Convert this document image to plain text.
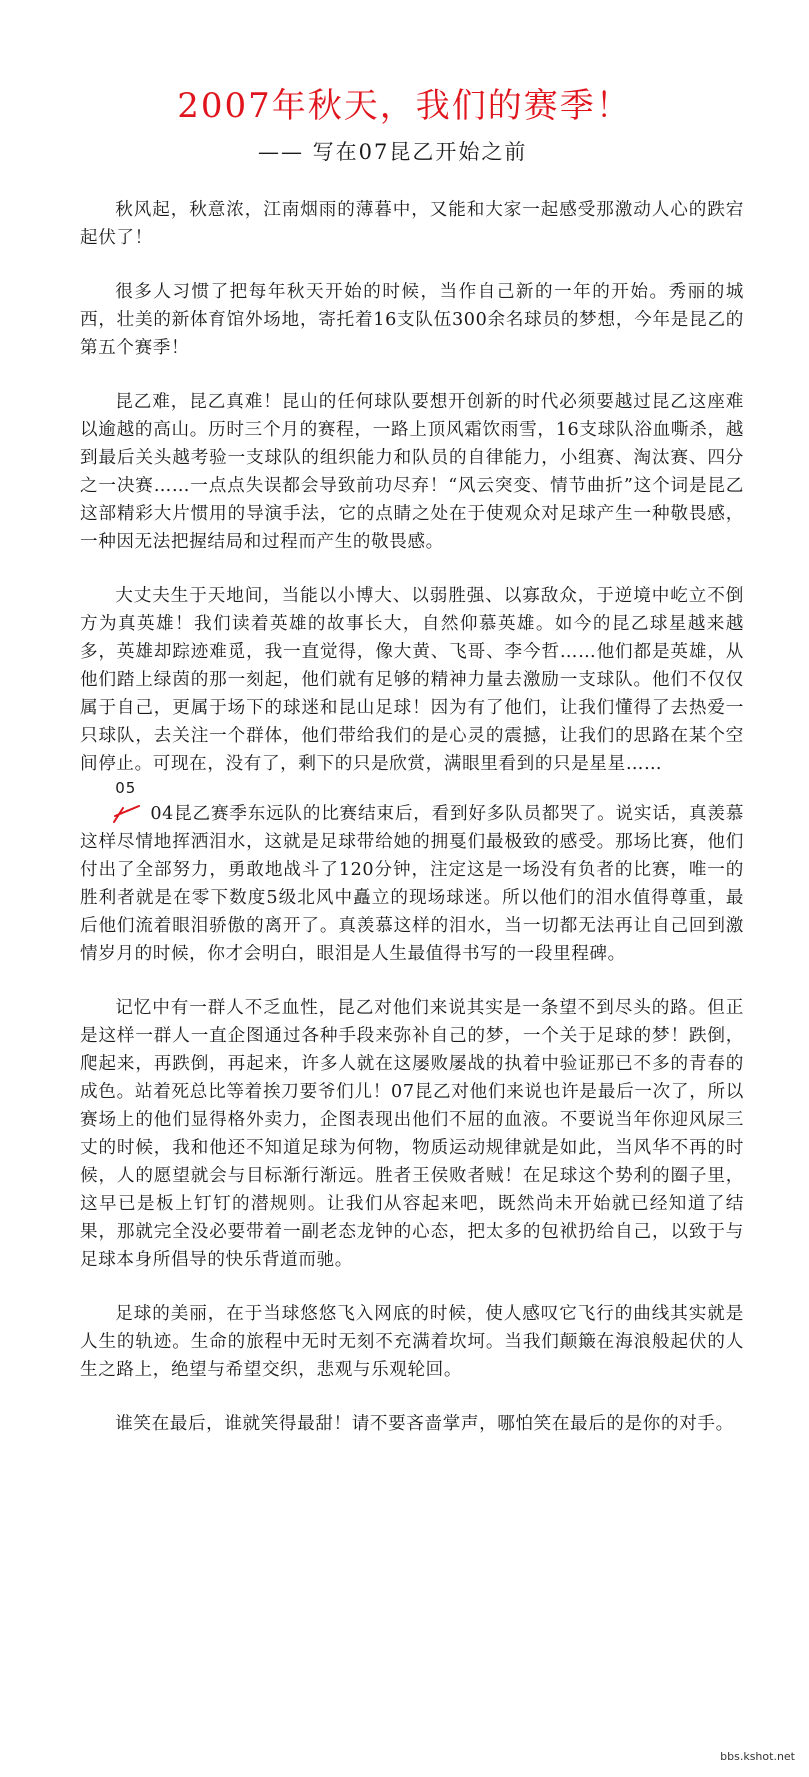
2007年秋天，我们的赛季！
—— 写在07昆乙开始之前

秋风起，秋意浓，江南烟雨的薄暮中，又能和大家一起感受那激动人心的跌宕起伏了！

很多人习惯了把每年秋天开始的时候，当作自己新的一年的开始。秀丽的城西，壮美的新体育馆外场地，寄托着16支队伍300余名球员的梦想，今年是昆乙的第五个赛季！

昆乙难，昆乙真难！昆山的任何球队要想开创新的时代必须要越过昆乙这座难以逾越的高山。历时三个月的赛程，一路上顶风霜饮雨雪，16支球队浴血嘶杀，越到最后关头越考验一支球队的组织能力和队员的自律能力，小组赛、淘汰赛、四分之一决赛……一点点失误都会导致前功尽弃！“风云突变、情节曲折”这个词是昆乙这部精彩大片惯用的导演手法，它的点睛之处在于使观众对足球产生一种敬畏感，一种因无法把握结局和过程而产生的敬畏感。

大丈夫生于天地间，当能以小博大、以弱胜强、以寡敌众，于逆境中屹立不倒方为真英雄！我们读着英雄的故事长大，自然仰慕英雄。如今的昆乙球星越来越多，英雄却踪迹难觅，我一直觉得，像大黄、飞哥、李今哲……他们都是英雄，从他们踏上绿茵的那一刻起，他们就有足够的精神力量去激励一支球队。他们不仅仅属于自己，更属于场下的球迷和昆山足球！因为有了他们，让我们懂得了去热爱一只球队，去关注一个群体，他们带给我们的是心灵的震撼，让我们的思路在某个空间停止。可现在，没有了，剩下的只是欣赏，满眼里看到的只是星星……

05
04
昆乙赛季东远队的比赛结束后，看到好多队员都哭了。说实话，真羡慕这样尽情地挥洒泪水，这就是足球带给她的拥戛们最极致的感受。那场比赛，他们付出了全部努力，勇敢地战斗了120分钟，注定这是一场没有负者的比赛，唯一的胜利者就是在零下数度5级北风中矗立的现场球迷。所以他们的泪水值得尊重，最后他们流着眼泪骄傲的离开了。真羡慕这样的泪水，当一切都无法再让自己回到激情岁月的时候，你才会明白，眼泪是人生最值得书写的一段里程碑。

记忆中有一群人不乏血性，昆乙对他们来说其实是一条望不到尽头的路。但正是这样一群人一直企图通过各种手段来弥补自己的梦，一个关于足球的梦！跌倒，爬起来，再跌倒，再起来，许多人就在这屡败屡战的执着中验证那已不多的青春的成色。站着死总比等着挨刀要爷们儿！07昆乙对他们来说也许是最后一次了，所以赛场上的他们显得格外卖力，企图表现出他们不屈的血液。不要说当年你迎风尿三丈的时候，我和他还不知道足球为何物，物质运动规律就是如此，当风华不再的时候，人的愿望就会与目标渐行渐远。胜者王侯败者贼！在足球这个势利的圈子里，这早已是板上钉钉的潜规则。让我们从容起来吧，既然尚未开始就已经知道了结果，那就完全没必要带着一副老态龙钟的心态，把太多的包袱扔给自己，以致于与足球本身所倡导的快乐背道而驰。

足球的美丽，在于当球悠悠飞入网底的时候，使人感叹它飞行的曲线其实就是人生的轨迹。生命的旅程中无时无刻不充满着坎坷。当我们颠簸在海浪般起伏的人生之路上，绝望与希望交织，悲观与乐观轮回。

谁笑在最后，谁就笑得最甜！请不要吝啬掌声，哪怕笑在最后的是你的对手。

bbs.kshot.net
